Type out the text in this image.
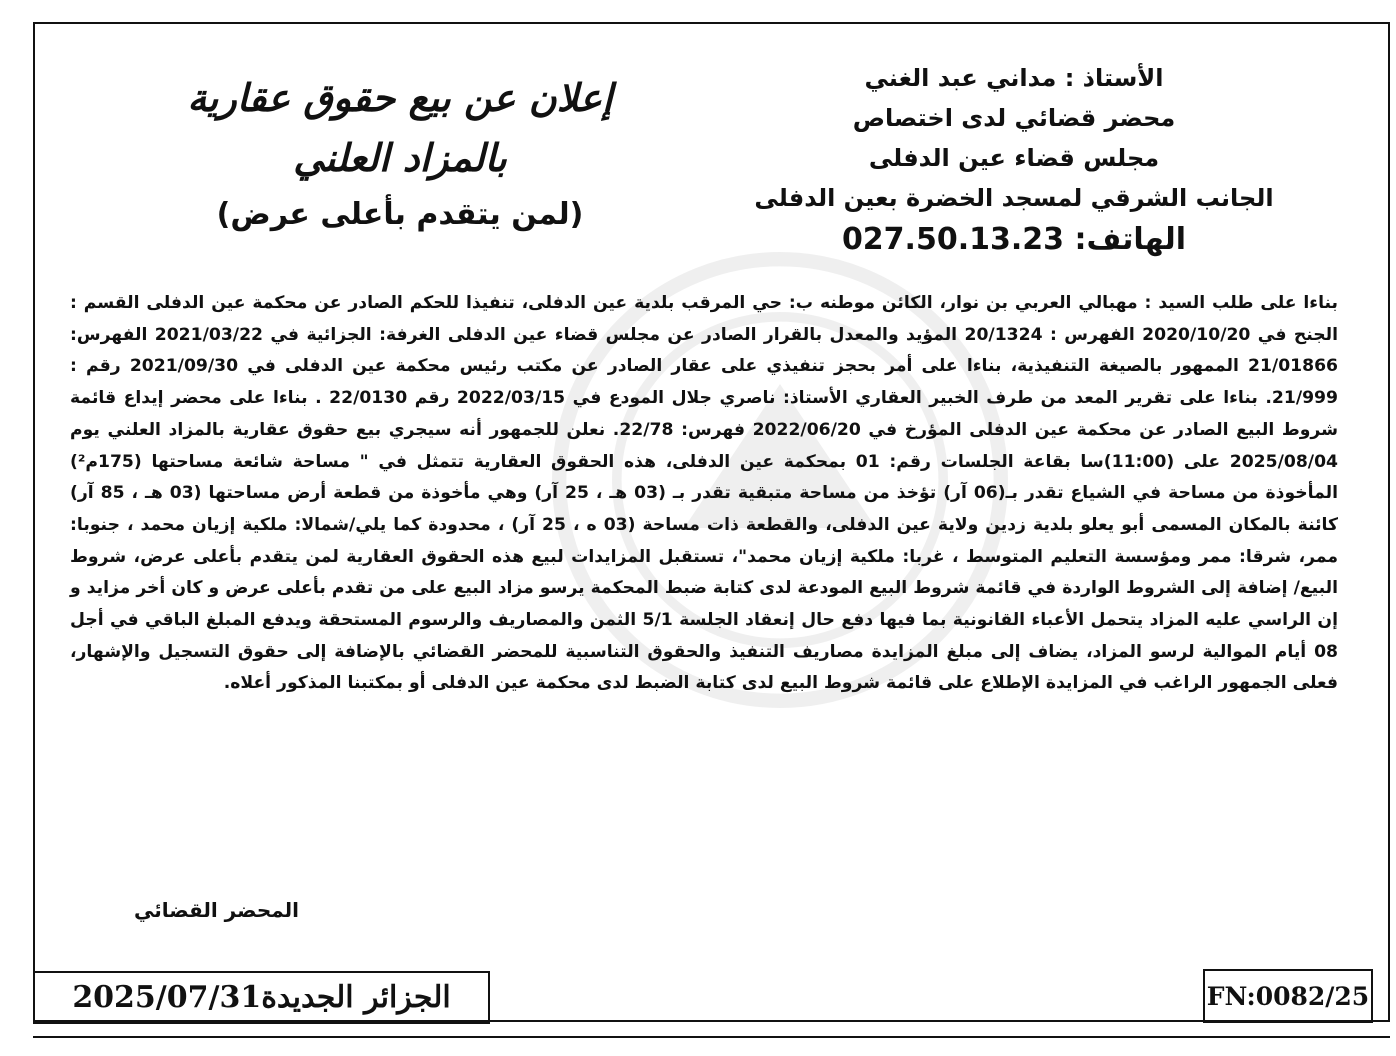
الأستاذ : مداني عبد الغني
محضر قضائي لدى اختصاص
مجلس قضاء عين الدفلى
الجانب الشرقي لمسجد الخضرة بعين الدفلى
الهاتف: 027.50.13.23
إعلان عن بيع حقوق عقارية
بالمزاد العلني
(لمن يتقدم بأعلى عرض)
بناءا على طلب السيد : مهبالي العربي بن نوار، الكائن موطنه ب: حي المرقب بلدية عين الدفلى، تنفيذا للحكم الصادر عن محكمة عين الدفلى القسم : الجنح في 2020/10/20 الفهرس : 20/1324 المؤيد والمعدل بالقرار الصادر عن مجلس قضاء عين الدفلى الغرفة: الجزائية في 2021/03/22 الفهرس: 21/01866 الممهور بالصيغة التنفيذية، بناءا على أمر بحجز تنفيذي على عقار الصادر عن مكتب رئيس محكمة عين الدفلى في 2021/09/30 رقم : 21/999. بناءا على تقرير المعد من طرف الخبير العقاري الأستاذ: ناصري جلال المودع في 2022/03/15 رقم 22/0130 . بناءا على محضر إيداع قائمة شروط البيع الصادر عن محكمة عين الدفلى المؤرخ في 2022/06/20 فهرس: 22/78. نعلن للجمهور أنه سيجري بيع حقوق عقارية بالمزاد العلني يوم 2025/08/04 على (11:00)سا بقاعة الجلسات رقم: 01 بمحكمة عين الدفلى، هذه الحقوق العقارية تتمثل في " مساحة شائعة مساحتها (175م²) المأخوذة من مساحة في الشياع تقدر بـ(06 آر) تؤخذ من مساحة متبقية تقدر بـ (03 هـ ، 25 آر) وهي مأخوذة من قطعة أرض مساحتها (03 هـ ، 85 آر) كائنة بالمكان المسمى أبو يعلو بلدية زدين ولاية عين الدفلى، والقطعة ذات مساحة (03 ه ، 25 آر) ، محدودة كما يلي/شمالا: ملكية إزيان محمد ، جنوبا: ممر، شرقا: ممر ومؤسسة التعليم المتوسط ، غربا: ملكية إزيان محمد"، تستقبل المزايدات لبيع هذه الحقوق العقارية لمن يتقدم بأعلى عرض، شروط البيع/ إضافة إلى الشروط الواردة في قائمة شروط البيع المودعة لدى كتابة ضبط المحكمة يرسو مزاد البيع على من تقدم بأعلى عرض و كان أخر مزايد و إن الراسي عليه المزاد يتحمل الأعباء القانونية بما فيها دفع حال إنعقاد الجلسة 5/1 الثمن والمصاريف والرسوم المستحقة ويدفع المبلغ الباقي في أجل 08 أيام الموالية لرسو المزاد، يضاف إلى مبلغ المزايدة مصاريف التنفيذ والحقوق التناسبية للمحضر القضائي بالإضافة إلى حقوق التسجيل والإشهار، فعلى الجمهور الراغب في المزايدة الإطلاع على قائمة شروط البيع لدى كتابة الضبط لدى محكمة عين الدفلى أو بمكتبنا المذكور أعلاه.
المحضر القضائي
الجزائر الجديدة2025/07/31	FN:0082/25
